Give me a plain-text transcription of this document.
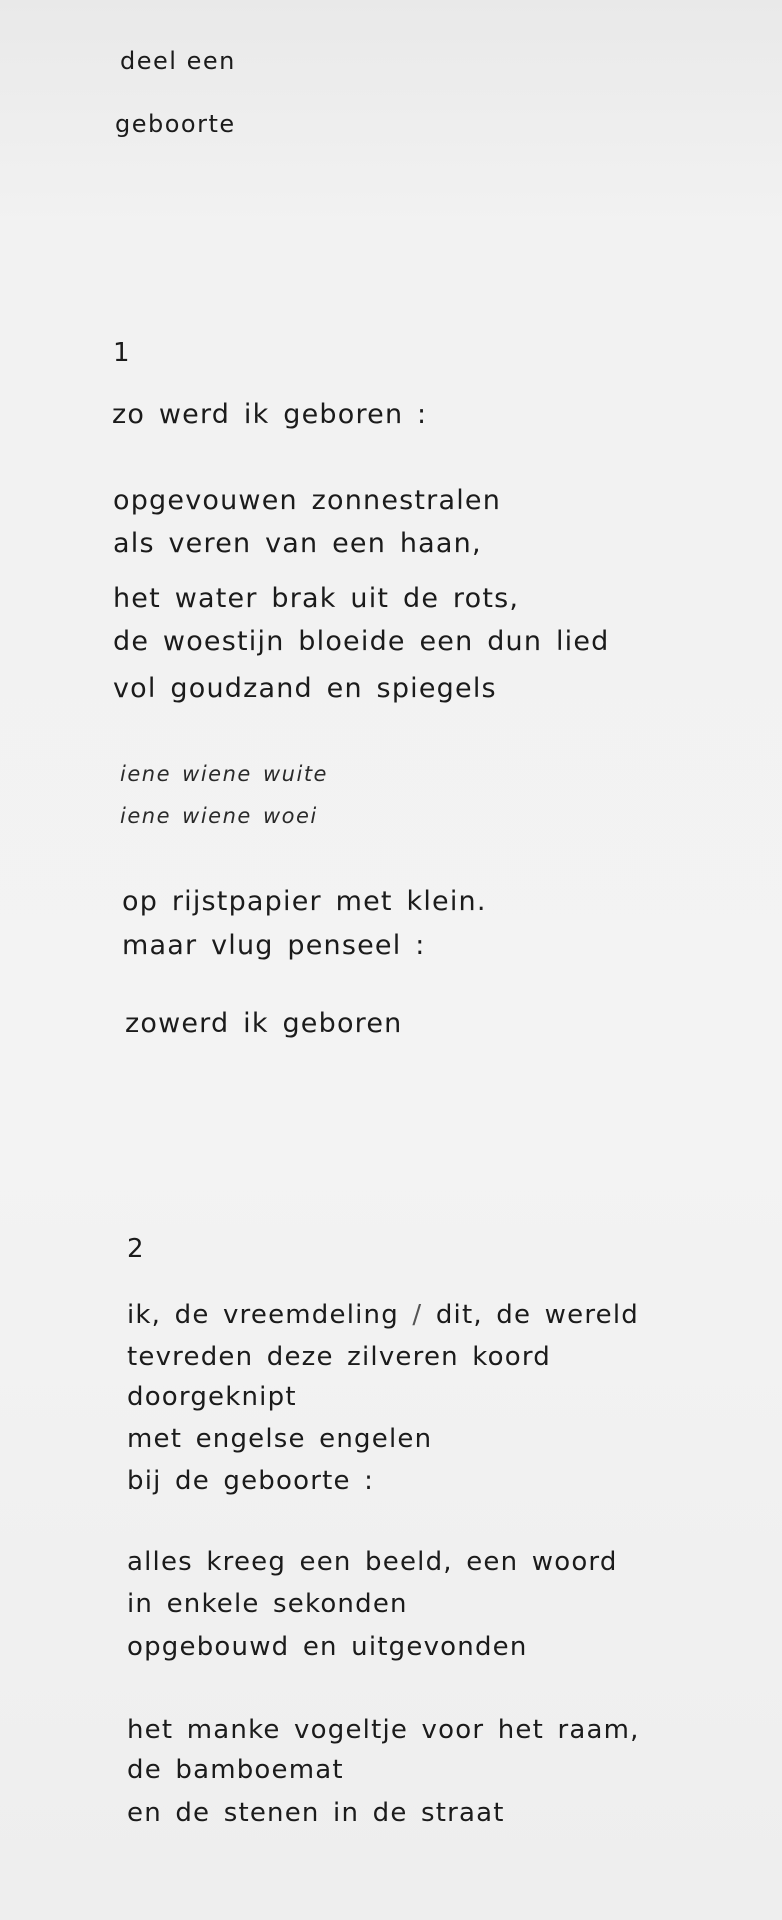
deel een
geboorte
1
zo werd ik geboren :
opgevouwen zonnestralen
als veren van een haan,
het water brak uit de rots,
de woestijn bloeide een dun lied
vol goudzand en spiegels
iene wiene wuite
iene wiene woei
op rijstpapier met klein.
maar vlug penseel :
zowerd ik geboren
2
ik, de vreemdeling / dit, de wereld
tevreden deze zilveren koord
doorgeknipt
met engelse engelen
bij de geboorte :
alles kreeg een beeld, een woord
in enkele sekonden
opgebouwd en uitgevonden
het manke vogeltje voor het raam,
de bamboemat
en de stenen in de straat
